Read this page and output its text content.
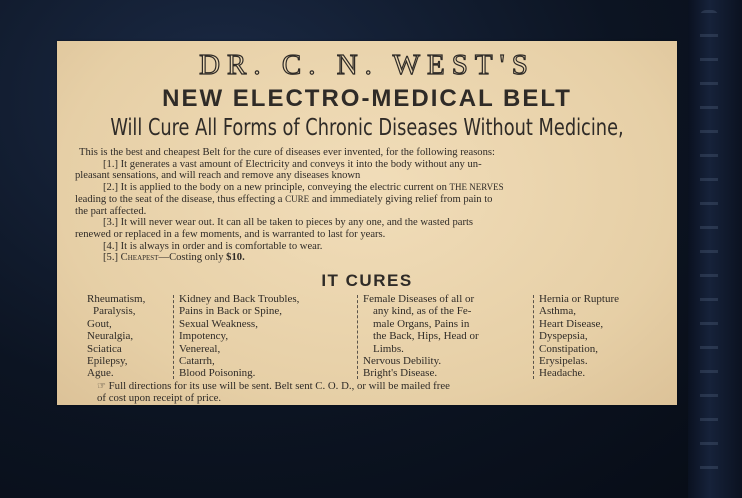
DR. C. N. WEST'S
NEW ELECTRO-MEDICAL BELT
Will Cure All Forms of Chronic Diseases Without Medicine,

This is the best and cheapest Belt for the cure of diseases ever invented, for the following reasons:

[1.] It generates a vast amount of Electricity and conveys it into the body without any un-

pleasant sensations, and will reach and remove any diseases known

[2.] It is applied to the body on a new principle, conveying the electric current on THE NERVES

leading to the seat of the disease, thus effecting a CURE and immediately giving relief from pain to

the part affected.

[3.] It will never wear out. It can all be taken to pieces by any one, and the wasted parts

renewed or replaced in a few moments, and is warranted to last for years.

[4.] It is always in order and is comfortable to wear.

[5.] Cheapest—Costing only $10.

IT CURES
Rheumatism,
Paralysis,
Gout,
Neuralgia,
Sciatica
Epilepsy,
Ague.
Kidney and Back Troubles,
Pains in Back or Spine,
Sexual Weakness,
Impotency,
Venereal,
Catarrh,
Blood Poisoning.
Female Diseases of all or
any kind, as of the Fe-
male Organs, Pains in
the Back, Hips, Head or
Limbs.
Nervous Debility.
Bright's Disease.
Hernia or Rupture
Asthma,
Heart Disease,
Dyspepsia,
Constipation,
Erysipelas.
Headache.
☞ Full directions for its use will be sent. Belt sent C. O. D., or will be mailed free
of cost upon receipt of price.
